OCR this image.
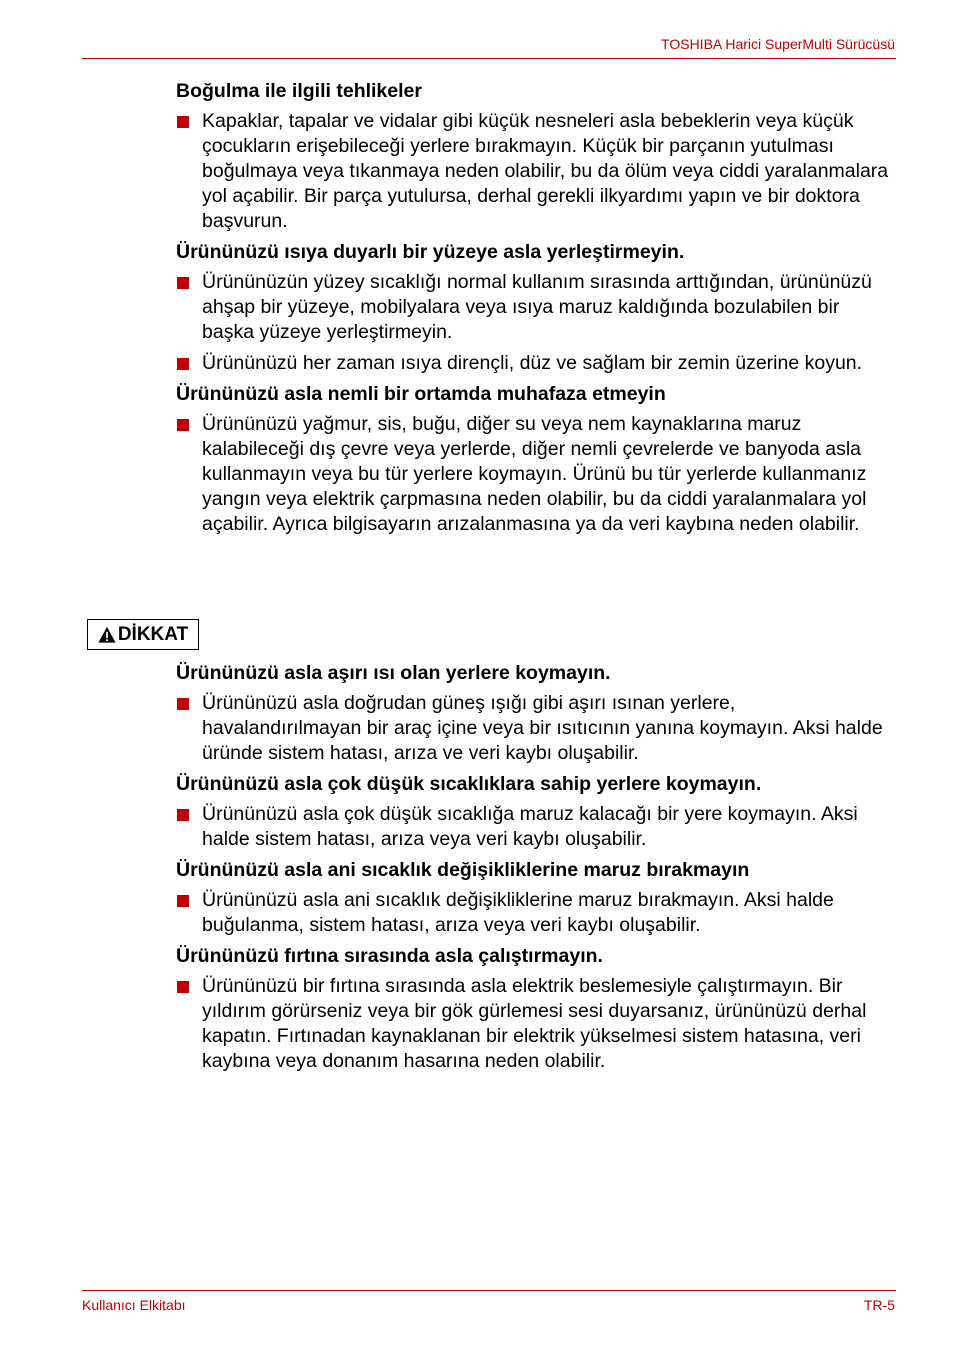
TOSHIBA Harici SuperMulti Sürücüsü
Boğulma ile ilgili tehlikeler
Kapaklar, tapalar ve vidalar gibi küçük nesneleri asla bebeklerin veya küçük çocukların erişebileceği yerlere bırakmayın. Küçük bir parçanın yutulması boğulmaya veya tıkanmaya neden olabilir, bu da ölüm veya ciddi yaralanmalara yol açabilir. Bir parça yutulursa, derhal gerekli ilkyardımı yapın ve bir doktora başvurun.
Ürününüzü ısıya duyarlı bir yüzeye asla yerleştirmeyin.
Ürününüzün yüzey sıcaklığı normal kullanım sırasında arttığından, ürününüzü ahşap bir yüzeye, mobilyalara veya ısıya maruz kaldığında bozulabilen bir başka yüzeye yerleştirmeyin.
Ürününüzü her zaman ısıya dirençli, düz ve sağlam bir zemin üzerine koyun.
Ürününüzü asla nemli bir ortamda muhafaza etmeyin
Ürününüzü yağmur, sis, buğu, diğer su veya nem kaynaklarına maruz kalabileceği dış çevre veya yerlerde, diğer nemli çevrelerde ve banyoda asla kullanmayın veya bu tür yerlere koymayın. Ürünü bu tür yerlerde kullanmanız yangın veya elektrik çarpmasına neden olabilir, bu da ciddi yaralanmalara yol açabilir. Ayrıca bilgisayarın arızalanmasına ya da veri kaybına neden olabilir.
DİKKAT
Ürününüzü asla aşırı ısı olan yerlere koymayın.
Ürününüzü asla doğrudan güneş ışığı gibi aşırı ısınan yerlere, havalandırılmayan bir araç içine veya bir ısıtıcının yanına koymayın. Aksi halde üründe sistem hatası, arıza ve veri kaybı oluşabilir.
Ürününüzü asla çok düşük sıcaklıklara sahip yerlere koymayın.
Ürününüzü asla çok düşük sıcaklığa maruz kalacağı bir yere koymayın. Aksi halde sistem hatası, arıza veya veri kaybı oluşabilir.
Ürününüzü asla ani sıcaklık değişikliklerine maruz bırakmayın
Ürününüzü asla ani sıcaklık değişikliklerine maruz bırakmayın. Aksi halde buğulanma, sistem hatası, arıza veya veri kaybı oluşabilir.
Ürününüzü fırtına sırasında asla çalıştırmayın.
Ürününüzü bir fırtına sırasında asla elektrik beslemesiyle çalıştırmayın. Bir yıldırım görürseniz veya bir gök gürlemesi sesi duyarsanız, ürününüzü derhal kapatın. Fırtınadan kaynaklanan bir elektrik yükselmesi sistem hatasına, veri kaybına veya donanım hasarına neden olabilir.
Kullanıcı Elkitabı	TR-5
